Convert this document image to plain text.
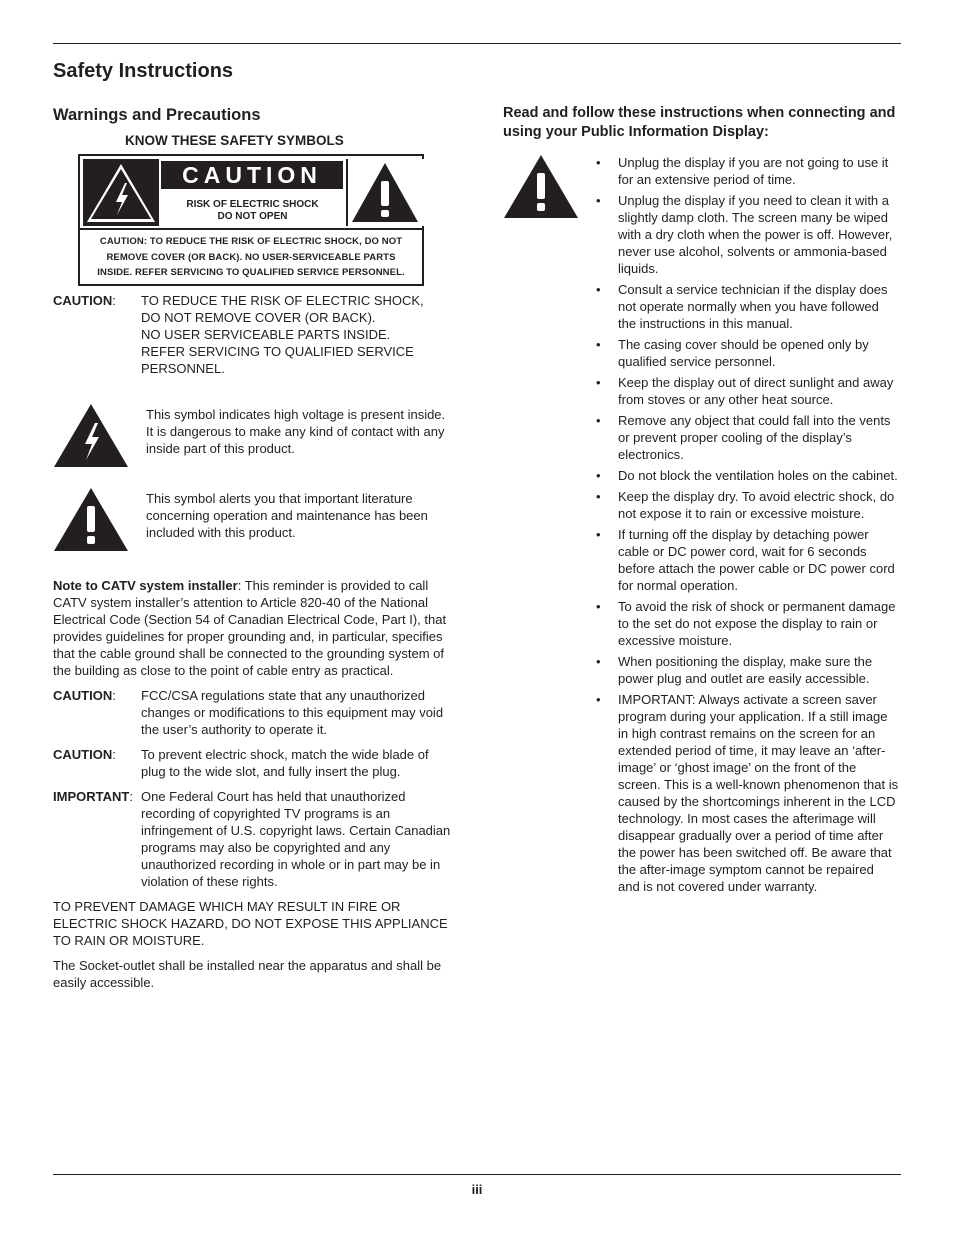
Safety Instructions
Warnings and Precautions
KNOW THESE SAFETY SYMBOLS
CAUTION
RISK OF ELECTRIC SHOCK
DO NOT OPEN
CAUTION: TO REDUCE THE RISK OF ELECTRIC SHOCK, DO NOT
REMOVE COVER (OR BACK). NO USER-SERVICEABLE PARTS
INSIDE. REFER SERVICING TO QUALIFIED SERVICE PERSONNEL.
CAUTION:	TO REDUCE THE RISK OF ELECTRIC SHOCK,
DO NOT REMOVE COVER (OR BACK).
NO USER SERVICEABLE PARTS INSIDE.
REFER SERVICING TO QUALIFIED SERVICE
PERSONNEL.
This symbol indicates high voltage is present inside. It is dangerous to make any kind of contact with any inside part of this product.
This symbol alerts you that important literature concerning operation and maintenance has been included with this product.

Note to CATV system installer: This reminder is provided to call CATV system installer’s attention to Article 820-40 of the National Electrical Code (Section 54 of Canadian Electrical Code, Part I), that provides guidelines for proper grounding and, in particular, specifies that the cable ground shall be connected to the grounding system of the building as close to the point of cable entry as practical.

CAUTION:	FCC/CSA regulations state that any unauthorized changes or modifications to this equipment may void the user’s authority to operate it.
CAUTION:	To prevent electric shock, match the wide blade of plug to the wide slot, and fully insert the plug.
IMPORTANT: One Federal Court has held that unauthorized recording of copyrighted TV programs is an infringement of U.S. copyright laws. Certain Canadian programs may also be copyrighted and any unauthorized recording in whole or in part may be in violation of these rights.

TO PREVENT DAMAGE WHICH MAY RESULT IN FIRE OR ELECTRIC SHOCK HAZARD, DO NOT EXPOSE THIS APPLIANCE TO RAIN OR MOISTURE.

The Socket-outlet shall be installed near the apparatus and shall be easily accessible.

Read and follow these instructions when connecting and using your Public Information Display:

• Unplug the display if you are not going to use it for an extensive period of time.
• Unplug the display if you need to clean it with a slightly damp cloth. The screen many be wiped with a dry cloth when the power is off. However, never use alcohol, solvents or ammonia-based liquids.
• Consult a service technician if the display does not operate normally when you have followed the instructions in this manual.
• The casing cover should be opened only by qualified service personnel.
• Keep the display out of direct sunlight and away from stoves or any other heat source.
• Remove any object that could fall into the vents or prevent proper cooling of the display’s electronics.
• Do not block the ventilation holes on the cabinet.
• Keep the display dry. To avoid electric shock, do not expose it to rain or excessive moisture.
• If turning off the display by detaching power cable or DC power cord, wait for 6 seconds before attach the power cable or DC power cord for normal operation.
• To avoid the risk of shock or permanent damage to the set do not expose the display to rain or excessive moisture.
• When positioning the display, make sure the power plug and outlet are easily accessible.
• IMPORTANT: Always activate a screen saver program during your application. If a still image in high contrast remains on the screen for an extended period of time, it may leave an ‘after-image’ or ‘ghost image’ on the front of the screen. This is a well-known phenomenon that is caused by the shortcomings inherent in the LCD technology. In most cases the afterimage will disappear gradually over a period of time after the power has been switched off. Be aware that the after-image symptom cannot be repaired and is not covered under warranty.
iii
